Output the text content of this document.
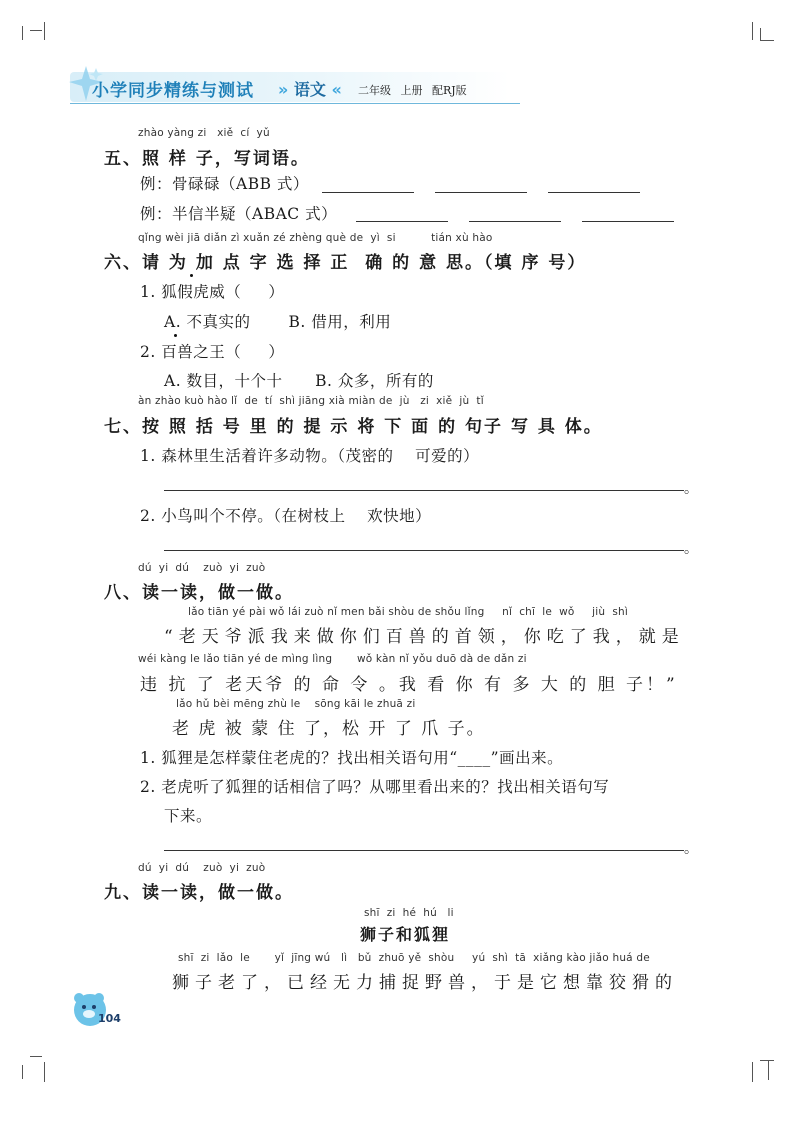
小学同步精练与测试 » 语文 « 二年级 上册 配RJ版
zhào yàng zi   xiě  cí  yǔ
五、照 样 子，写词语。
例：骨碌碌（ABB 式）
例：半信半疑（ABAC 式）
qǐng wèi jiā diǎn zì xuǎn zé zhèng què de  yì  si          tián xù hào
六、请 为 加 点 字 选 择 正  确 的 意 思。（填 序 号）
1. 狐假虎威（     ）
A. 不真实的       B. 借用，利用
2. 百兽之王（     ）
A. 数目，十个十      B. 众多，所有的
àn zhào kuò hào lǐ  de  tí  shì jiāng xià miàn de  jù   zi  xiě  jù  tǐ
七、按 照 括 号 里 的 提 示 将 下 面 的 句子 写 具 体。
1. 森林里生活着许多动物。（茂密的    可爱的）
。
2. 小鸟叫个不停。（在树枝上    欢快地）
。
dú  yi  dú    zuò  yi  zuò
八、读一读，做一做。
lǎo tiān yé pài wǒ lái zuò nǐ men bǎi shòu de shǒu lǐng     nǐ  chī  le  wǒ     jiù  shì
“老天爷派我来做你们百兽的首领，你吃了我，就是
wéi kàng le lǎo tiān yé de mìng lìng       wǒ kàn nǐ yǒu duō dà de dǎn zi
违 抗 了 老天爷 的 命 令 。我 看 你 有 多 大 的 胆 子！”
lǎo hǔ bèi mēng zhù le    sōng kāi le zhuā zi
老 虎 被 蒙 住 了，松 开 了 爪 子。
1. 狐狸是怎样蒙住老虎的？找出相关语句用“____”画出来。
2. 老虎听了狐狸的话相信了吗？从哪里看出来的？找出相关语句写
下来。
。
dú  yi  dú    zuò  yi  zuò
九、读一读，做一做。
shī  zi  hé  hú   li
狮子和狐狸
shī  zi  lǎo  le       yǐ  jīng wú   lì   bǔ  zhuō yě  shòu     yú  shì  tā  xiǎng kào jiǎo huá de
狮子老了，已经无力捕捉野兽，于是它想靠狡猾的
104
